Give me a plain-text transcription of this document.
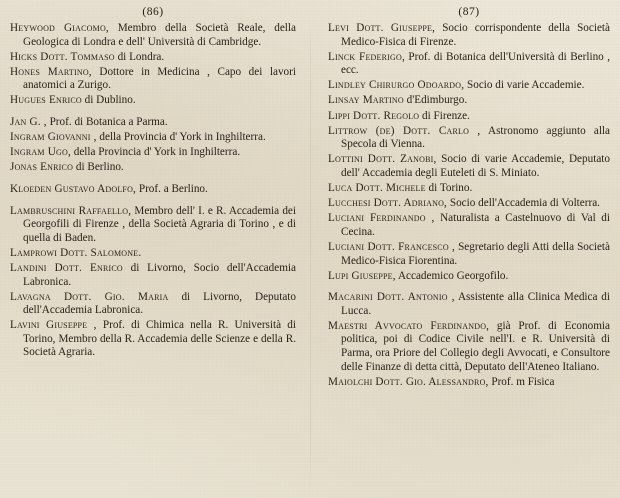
(86)

Heywood Giacomo, Membro della Società Reale, della Geologica di Londra e dell' Università di Cambridge.

Hicks Dott. Tommaso di Londra.

Hones Martino, Dottore in Medicina , Capo dei lavori anatomici a Zurigo.

Hugues Enrico di Dublino.

Jan G. , Prof. di Botanica a Parma.

Ingram Giovanni , della Provincia d' York in Inghilterra.

Ingram Ugo, della Provincia d' York in Inghilterra.

Jonas Enrico di Berlino.

Kloeden Gustavo Adolfo, Prof. a Berlino.

Lambruschini Raffaello, Membro dell' I. e R. Accademia dei Georgofili di Firenze , della Società Agraria di Torino , e di quella di Baden.

Lamprowi Dott. Salomone.

Landini Dott. Enrico di Livorno, Socio dell'Accademia Labronica.

Lavagna Dott. Gio. Maria di Livorno, Deputato dell'Accademia Labronica.

Lavini Giuseppe , Prof. di Chimica nella R. Università di Torino, Membro della R. Accademia delle Scienze e della R. Società Agraria.

(87)

Levi Dott. Giuseppe, Socio corrispondente della Società Medico-Fisica di Firenze.

Linck Federigo, Prof. di Botanica dell'Università di Berlino , ecc.

Lindley Chirurgo Odoardo, Socio di varie Accademie.

Linsay Martino d'Edimburgo.

Lippi Dott. Regolo di Firenze.

Littrow (de) Dott. Carlo , Astronomo aggiunto alla Specola di Vienna.

Lottini Dott. Zanobi, Socio di varie Accademie, Deputato dell' Accademia degli Euteleti di S. Miniato.

Luca Dott. Michele di Torino.

Lucchesi Dott. Adriano, Socio dell'Accademia di Volterra.

Luciani Ferdinando , Naturalista a Castelnuovo di Val di Cecina.

Luciani Dott. Francesco , Segretario degli Atti della Società Medico-Fisica Fiorentina.

Lupi Giuseppe, Accademico Georgofilo.

Macarini Dott. Antonio , Assistente alla Clinica Medica di Lucca.

Maestri Avvocato Ferdinando, già Prof. di Economia politica, poi di Codice Civile nell'I. e R. Università di Parma, ora Priore del Collegio degli Avvocati, e Consultore delle Finanze di detta città, Deputato dell'Ateneo Italiano.

Maiolchi Dott. Gio. Alessandro, Prof. m Fisica
